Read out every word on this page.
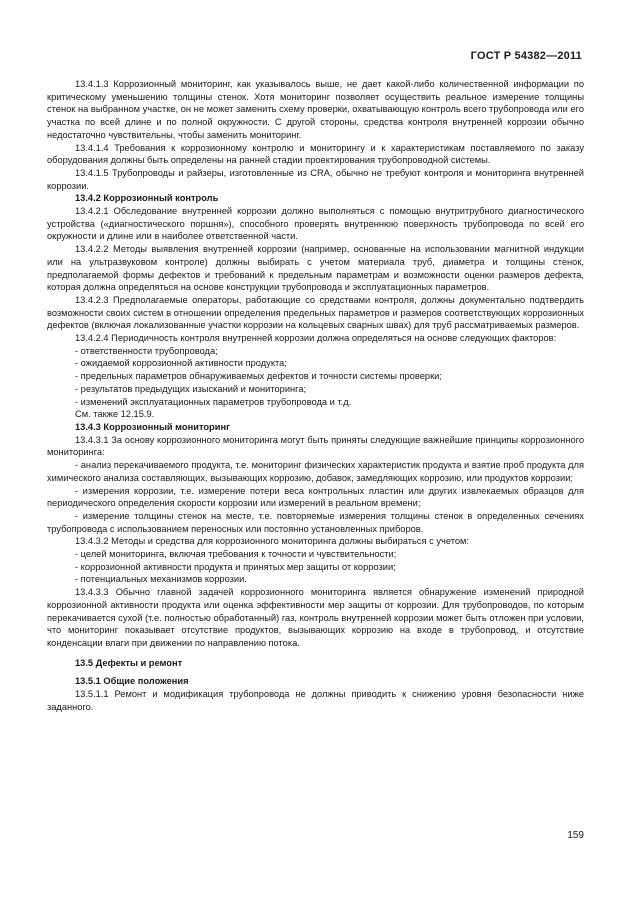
ГОСТ Р 54382—2011

13.4.1.3 Коррозионный мониторинг, как указывалось выше, не дает какой-либо количественной информации по критическому уменьшению толщины стенок. Хотя мониторинг позволяет осуществить реальное измерение толщины стенок на выбранном участке, он не может заменить схему проверки, охватывающую контроль всего трубопровода или его участка по всей длине и по полной окружности. С другой стороны, средства контроля внутренней коррозии обычно недостаточно чувствительны, чтобы заменить мониторинг.

13.4.1.4 Требования к коррозионному контролю и мониторингу и к характеристикам поставляемого по заказу оборудования должны быть определены на ранней стадии проектирования трубопроводной системы.

13.4.1.5 Трубопроводы и райзеры, изготовленные из CRA, обычно не требуют контроля и мониторинга внутренней коррозии.

13.4.2 Коррозионный контроль

13.4.2.1 Обследование внутренней коррозии должно выполняться с помощью внутритрубного диагностического устройства («диагностического поршня»), способного проверять внутреннюю поверхность трубопровода по всей его окружности и длине или в наиболее ответственной части.

13.4.2.2 Методы выявления внутренней коррозии (например, основанные на использовании магнитной индукции или на ультразвуковом контроле) должны выбирать с учетом материала труб, диаметра и толщины стенок, предполагаемой формы дефектов и требований к предельным параметрам и возможности оценки размеров дефекта, которая должна определяться на основе конструкции трубопровода и эксплуатационных параметров.

13.4.2.3 Предполагаемые операторы, работающие со средствами контроля, должны документально подтвердить возможности своих систем в отношении определения предельных параметров и размеров соответствующих коррозионных дефектов (включая локализованные участки коррозии на кольцевых сварных швах) для труб рассматриваемых размеров.

13.4.2.4 Периодичность контроля внутренней коррозии должна определяться на основе следующих факторов:

- ответственности трубопровода;

- ожидаемой коррозионной активности продукта;

- предельных параметров обнаруживаемых дефектов и точности системы проверки;

- результатов предыдущих изысканий и мониторинга;

- изменений эксплуатационных параметров трубопровода и т.д.

См. также 12.15.9.

13.4.3 Коррозионный мониторинг

13.4.3.1 За основу коррозионного мониторинга могут быть приняты следующие важнейшие принципы коррозионного мониторинга:

- анализ перекачиваемого продукта, т.е. мониторинг физических характеристик продукта и взятие проб продукта для химического анализа составляющих, вызывающих коррозию, добавок, замедляющих коррозию, или продуктов коррозии;

- измерения коррозии, т.е. измерение потери веса контрольных пластин или других извлекаемых образцов для периодического определения скорости коррозии или измерений в реальном времени;

- измерение толщины стенок на месте, т.е. повторяемые измерения толщины стенок в определенных сечениях трубопровода с использованием переносных или постоянно установленных приборов.

13.4.3.2 Методы и средства для коррозионного мониторинга должны выбираться с учетом:

- целей мониторинга, включая требования к точности и чувствительности;

- коррозионной активности продукта и принятых мер защиты от коррозии;

- потенциальных механизмов коррозии.

13.4.3.3 Обычно главной задачей коррозионного мониторинга является обнаружение изменений природной коррозионной активности продукта или оценка эффективности мер защиты от коррозии. Для трубопроводов, по которым перекачивается сухой (т.е. полностью обработанный) газ, контроль внутренней коррозии может быть отложен при условии, что мониторинг показывает отсутствие продуктов, вызывающих коррозию на входе в трубопровод, и отсутствие конденсации влаги при движении по направлению потока.

13.5 Дефекты и ремонт

13.5.1 Общие положения

13.5.1.1 Ремонт и модификация трубопровода не должны приводить к снижению уровня безопасности ниже заданного.

159
